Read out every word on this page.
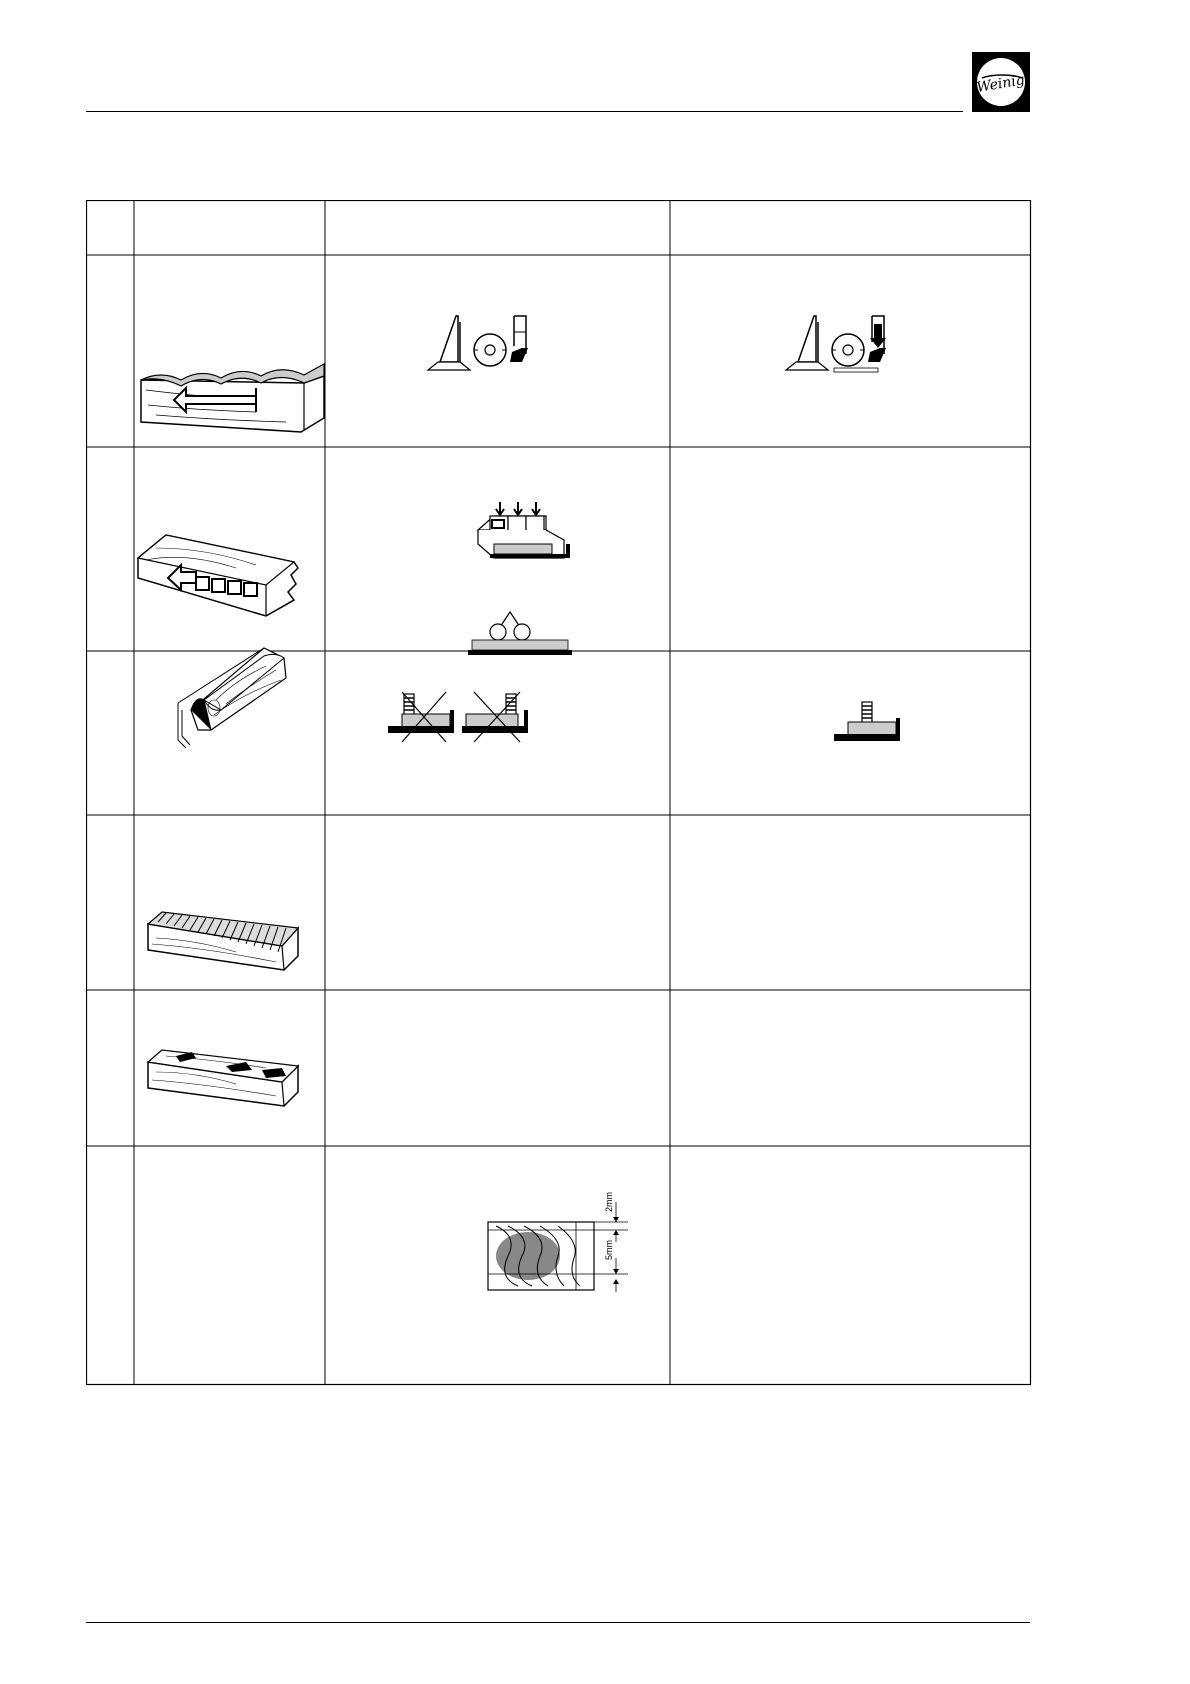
Weinig
2mm
5mm
